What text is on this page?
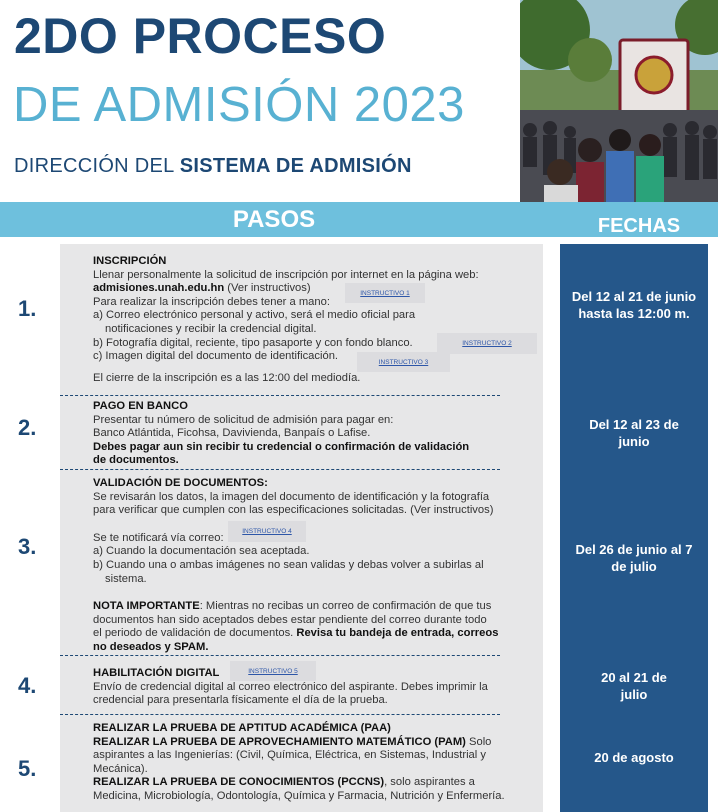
2DO PROCESO
DE ADMISIÓN 2023
DIRECCIÓN DEL SISTEMA DE ADMISIÓN
PASOS	FECHAS
1.
2.
3.
4.
5.

INSCRIPCIÓN

Llenar personalmente la solicitud de inscripción por internet en la página web:

admisiones.unah.edu.hn (Ver instructivos)

Para realizar la inscripción debes tener a mano:

a) Correo electrónico personal y activo, será el medio oficial para

notificaciones y recibir la credencial digital.

b) Fotografía digital, reciente, tipo pasaporte y con fondo blanco.

c) Imagen digital del documento de identificación.

El cierre de la inscripción es a las 12:00 del mediodía.

PAGO EN BANCO

Presentar tu número de solicitud de admisión para pagar en:

Banco Atlántida, Ficohsa, Davivienda, Banpaís o Lafise.

Debes pagar aun sin recibir tu credencial o confirmación de validación

de documentos.

VALIDACIÓN DE DOCUMENTOS:

Se revisarán los datos, la imagen del documento de identificación y la fotografía

para verificar que cumplen con las especificaciones solicitadas. (Ver instructivos)

Se te notificará vía correo:

a) Cuando la documentación sea aceptada.

b) Cuando una o ambas imágenes no sean validas y debas volver a subirlas al

sistema.

NOTA IMPORTANTE: Mientras no recibas un correo de confirmación de que tus

documentos han sido aceptados debes estar pendiente del correo durante todo

el periodo de validación de documentos. Revisa tu bandeja de entrada, correos

no deseados y SPAM.

HABILITACIÓN DIGITAL

Envío de credencial digital al correo electrónico del aspirante. Debes imprimir la

credencial para presentarla físicamente el día de la prueba.

REALIZAR LA PRUEBA DE APTITUD ACADÉMICA (PAA)

REALIZAR LA PRUEBA DE APROVECHAMIENTO MATEMÁTICO (PAM) Solo

aspirantes a las Ingenierías: (Civil, Química, Eléctrica, en Sistemas, Industrial y

Mecánica).

REALIZAR LA PRUEBA DE CONOCIMIENTOS (PCCNS), solo aspirantes a

Medicina, Microbiología, Odontología, Química y Farmacia, Nutrición y Enfermería.

INSTRUCTIVO 1
INSTRUCTIVO 2
INSTRUCTIVO 3
INSTRUCTIVO 4
INSTRUCTIVO 5
Del 12 al 21 de junio hasta las 12:00 m.
Del 12 al 23 de junio
Del 26 de junio al 7 de julio
20 al 21 de julio
20 de agosto
